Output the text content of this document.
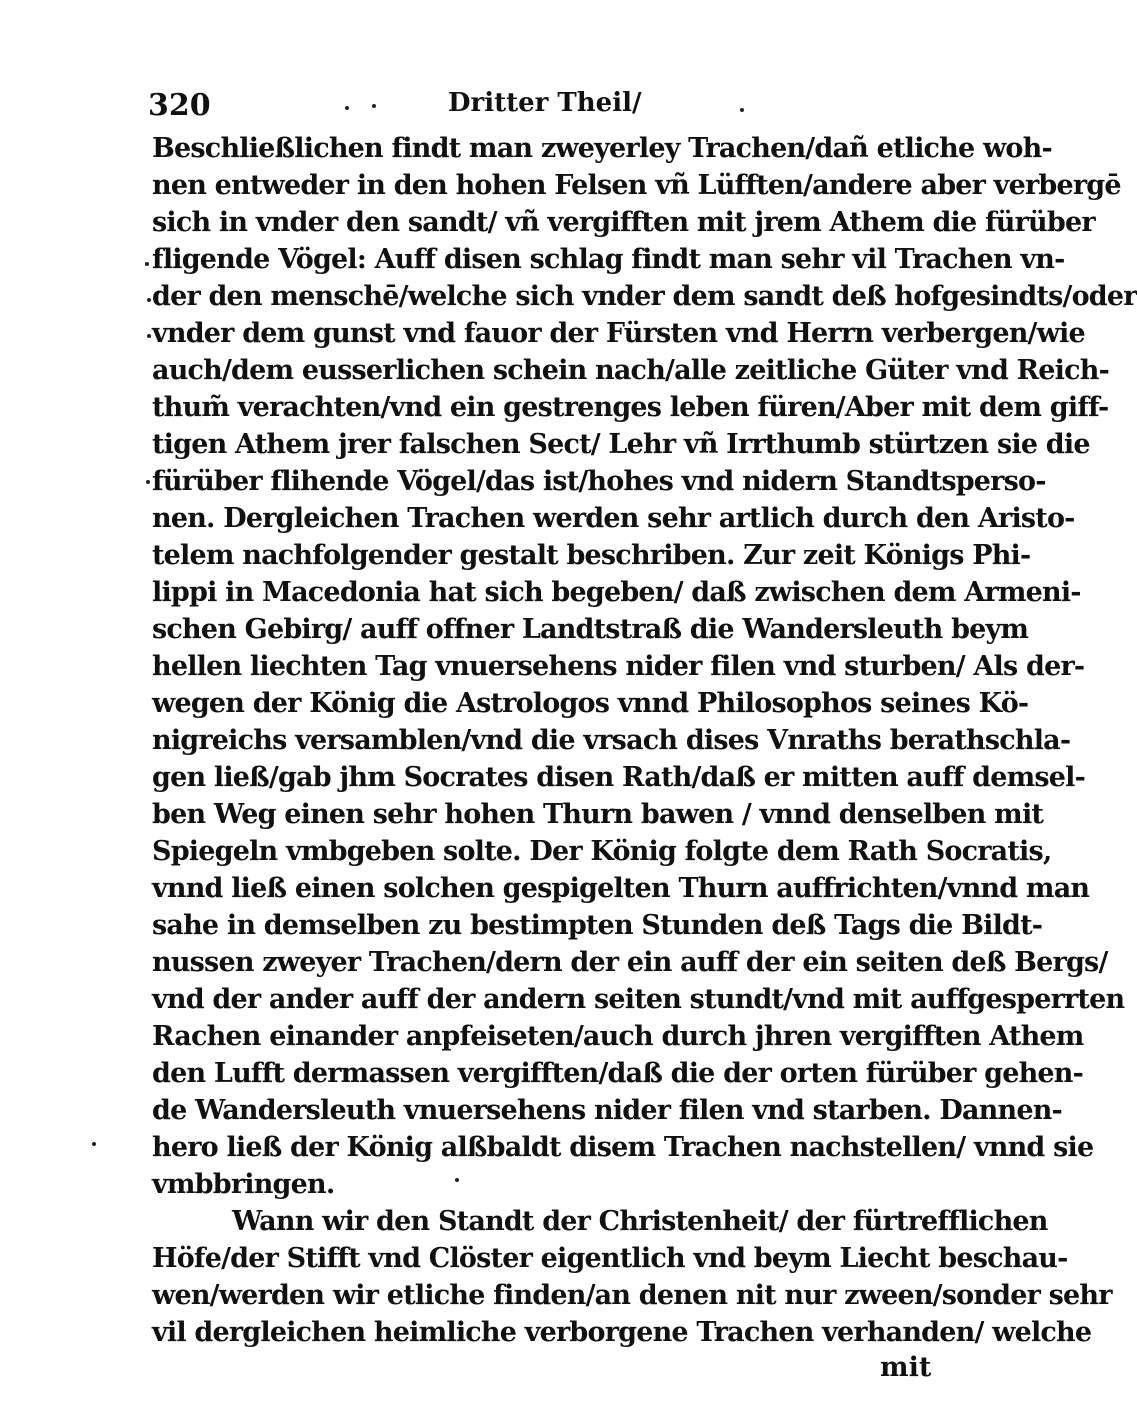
320	Dritter Theil/
Beschließlichen findt man zweyerley Trachen/dañ etliche woh-
nen entweder in den hohen Felsen vñ Lüfften/andere aber verbergē
sich in vnder den sandt/ vñ vergifften mit jrem Athem die fürüber
fligende Vögel: Auff disen schlag findt man sehr vil Trachen vn-
der den menschē/welche sich vnder dem sandt deß hofgesindts/oder
vnder dem gunst vnd fauor der Fürsten vnd Herrn verbergen/wie
auch/dem eusserlichen schein nach/alle zeitliche Güter vnd Reich-
thum̃ verachten/vnd ein gestrenges leben füren/Aber mit dem giff-
tigen Athem jrer falschen Sect/ Lehr vñ Irrthumb stürtzen sie die
fürüber flihende Vögel/das ist/hohes vnd nidern Standtsperso-
nen. Dergleichen Trachen werden sehr artlich durch den Aristo-
telem nachfolgender gestalt beschriben. Zur zeit Königs Phi-
lippi in Macedonia hat sich begeben/ daß zwischen dem Armeni-
schen Gebirg/ auff offner Landtstraß die Wandersleuth beym
hellen liechten Tag vnuersehens nider filen vnd sturben/ Als der-
wegen der König die Astrologos vnnd Philosophos seines Kö-
nigreichs versamblen/vnd die vrsach dises Vnraths berathschla-
gen ließ/gab jhm Socrates disen Rath/daß er mitten auff demsel-
ben Weg einen sehr hohen Thurn bawen / vnnd denselben mit
Spiegeln vmbgeben solte. Der König folgte dem Rath Socratis,
vnnd ließ einen solchen gespigelten Thurn auffrichten/vnnd man
sahe in demselben zu bestimpten Stunden deß Tags die Bildt-
nussen zweyer Trachen/dern der ein auff der ein seiten deß Bergs/
vnd der ander auff der andern seiten stundt/vnd mit auffgesperrten
Rachen einander anpfeiseten/auch durch jhren vergifften Athem
den Lufft dermassen vergifften/daß die der orten fürüber gehen-
de Wandersleuth vnuersehens nider filen vnd starben. Dannen-
hero ließ der König alßbaldt disem Trachen nachstellen/ vnnd sie
vmbbringen.
Wann wir den Standt der Christenheit/ der fürtrefflichen
Höfe/der Stifft vnd Clöster eigentlich vnd beym Liecht beschau-
wen/werden wir etliche finden/an denen nit nur zween/sonder sehr
vil dergleichen heimliche verborgene Trachen verhanden/ welche
mit
